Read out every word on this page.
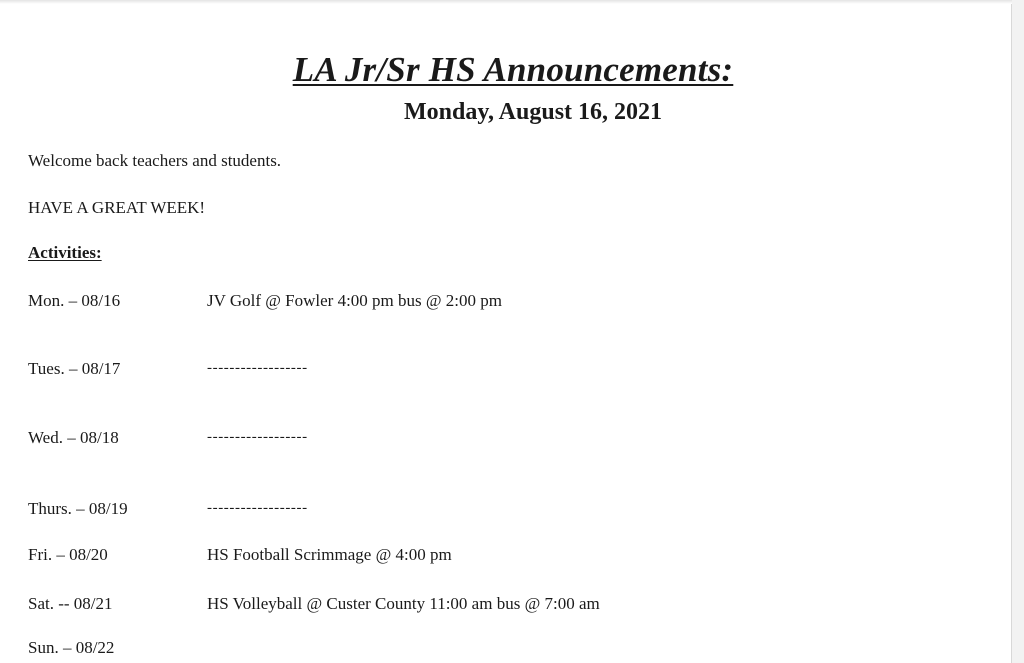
LA Jr/Sr HS Announcements:
Monday, August 16, 2021
Welcome back teachers and students.
HAVE A GREAT WEEK!
Activities:
Mon. – 08/16	JV Golf @ Fowler 4:00 pm bus @ 2:00 pm
Tues. – 08/17	------------------
Wed. – 08/18	------------------
Thurs. – 08/19	------------------
Fri. – 08/20	HS Football Scrimmage @ 4:00 pm
Sat. -- 08/21	HS Volleyball @ Custer County 11:00 am bus @ 7:00 am
Sun. – 08/22
